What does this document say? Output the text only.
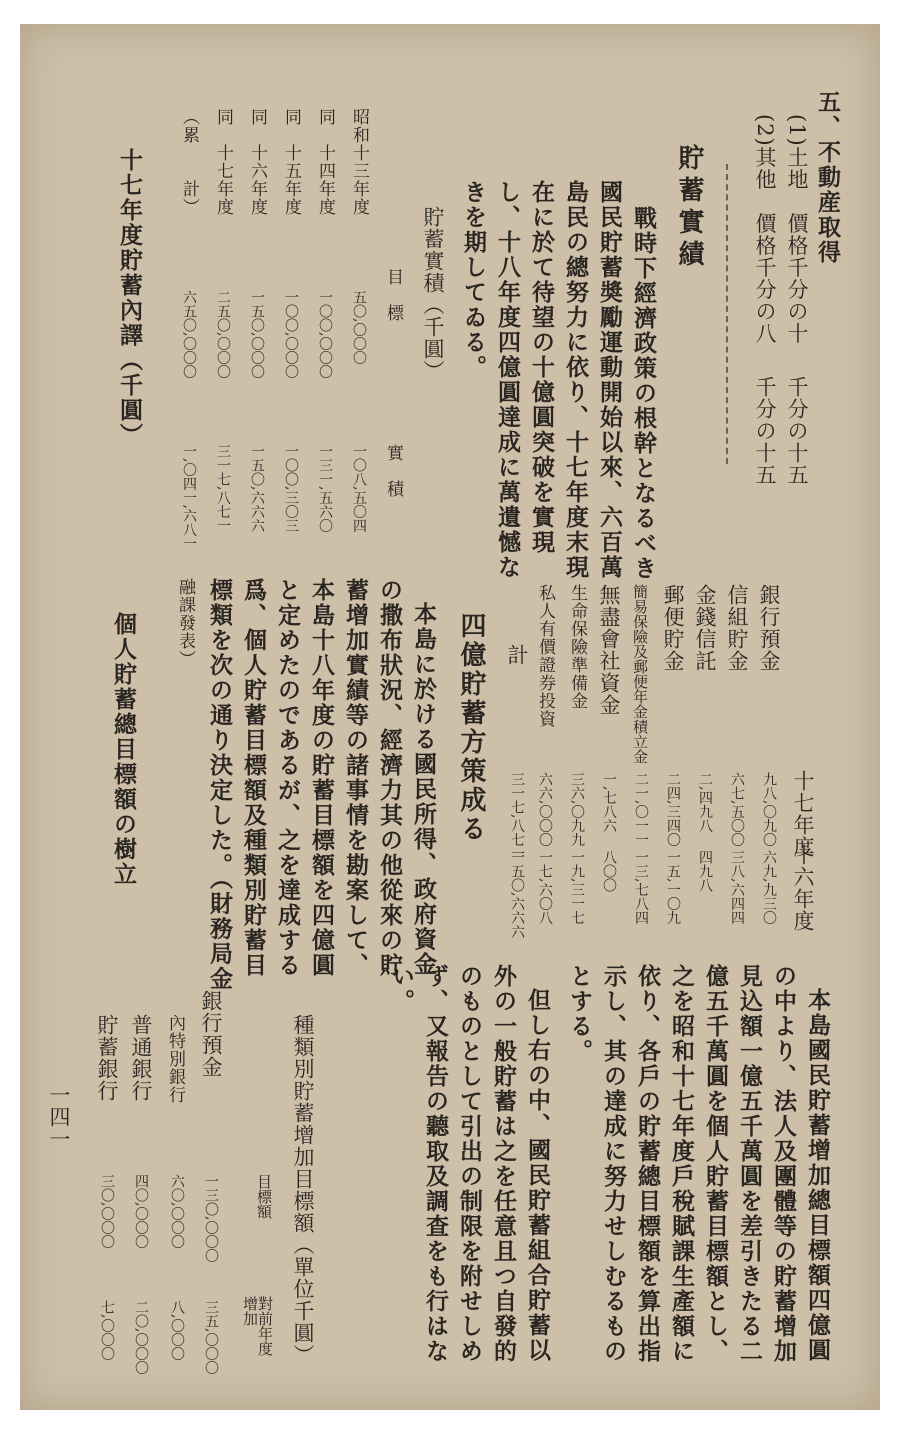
五、不動産取得
(1)土地　價格千分の十
千分の十五
(2)其他　價格千分の八
千分の十五
貯蓄實績
戰時下經濟政策の根幹となるべき
國民貯蓄奬勵運動開始以來、六百萬
島民の總努力に依り、十七年度末現
在に於て待望の十億圓突破を實現
し、十八年度四億圓達成に萬遺憾な
きを期してゐる。
貯蓄實積（千圓）
目　標
實　積
昭和十三年度
五〇,〇〇〇
一〇八,五〇四
同　十四年度
一〇〇,〇〇〇
一三一,五六〇
同　十五年度
一〇〇,〇〇〇
一〇〇,三〇三
同　十六年度
一五〇,〇〇〇
一五〇,六六六
同　十七年度
二五〇,〇〇〇
三一七,八七一
（累　　計）
六五〇,〇〇〇
一,〇四一,六八一
十七年度貯蓄內譯（千圓）
十七年度
十六年度
銀行預金
九八,〇九〇
六九,九三〇
信組貯金
六七,五〇〇
三八,六四四
金錢信託
二,四九八
四九八
郵便貯金
二四,三四〇
一五,一〇九
簡易保險及郵便年金積立金
二一,〇一一
一三,七八四
無盡會社資金
一,七八六
八〇〇
生命保險準備金
三六,〇九九
一九,三一七
私人有價證券投資
六六,〇〇〇
一七,六〇八
計
三一七,八七一
一五〇,六六六
四億貯蓄方策成る
本島に於ける國民所得、政府資金
の撒布狀況、經濟力其の他從來の貯
蓄增加實績等の諸事情を勘案して、
本島十八年度の貯蓄目標額を四億圓
と定めたのであるが、之を達成する
爲、個人貯蓄目標額及種類別貯蓄目
標類を次の通り決定した。（財務局金
融課發表）
個人貯蓄總目標額の樹立
本島國民貯蓄增加總目標額四億圓
の中より、法人及團體等の貯蓄增加
見込額一億五千萬圓を差引きたる二
億五千萬圓を個人貯蓄目標額とし、
之を昭和十七年度戶稅賦課生產額に
依り、各戶の貯蓄總目標額を算出指
示し、其の達成に努力せしむるもの
とする。
但し右の中、國民貯蓄組合貯蓄以
外の一般貯蓄は之を任意且つ自發的
のものとして引出の制限を附せしめ
ず、又報告の聽取及調查をも行はな
い。
種類別貯蓄增加目標額（單位千圓）
目標額
對前年度增加
銀行預金
一三〇,〇〇〇
三五,〇〇〇
內特別銀行
六〇,〇〇〇
八,〇〇〇
普通銀行
四〇,〇〇〇
二〇,〇〇〇
貯蓄銀行
三〇,〇〇〇
七,〇〇〇
一四一
